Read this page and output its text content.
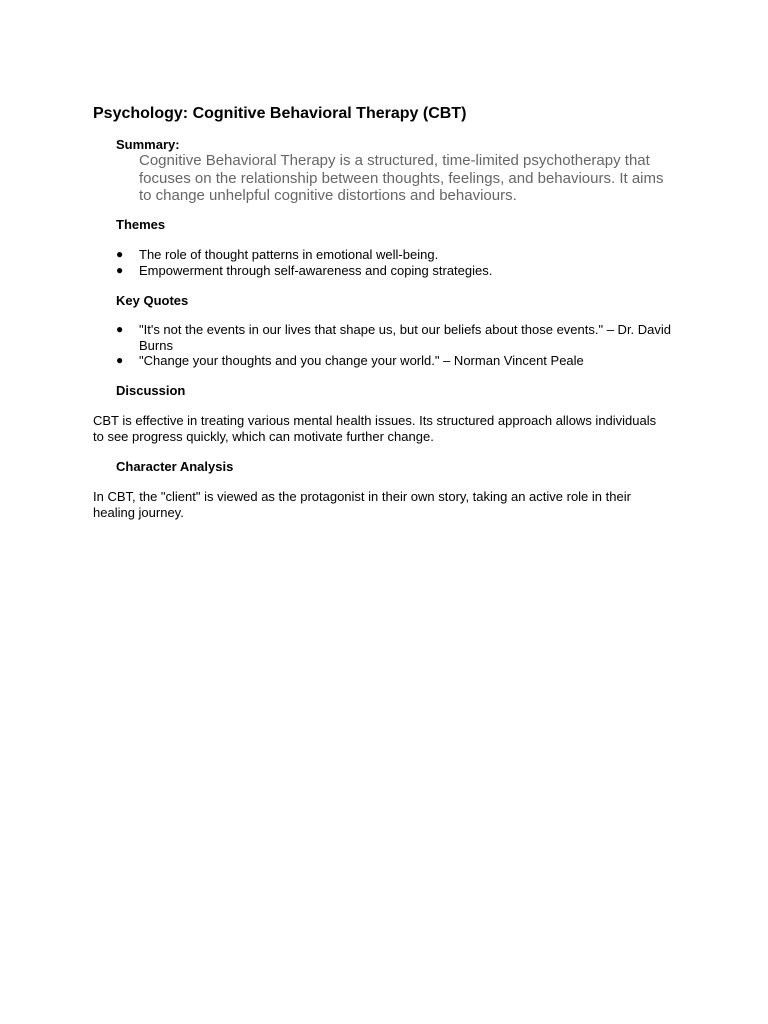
Psychology: Cognitive Behavioral Therapy (CBT)
Summary:

Cognitive Behavioral Therapy is a structured, time-limited psychotherapy that focuses on the relationship between thoughts, feelings, and behaviours. It aims to change unhelpful cognitive distortions and behaviours.

Themes
● The role of thought patterns in emotional well-being.
● Empowerment through self-awareness and coping strategies.
Key Quotes
● "It's not the events in our lives that shape us, but our beliefs about those events." – Dr. David Burns
● "Change your thoughts and you change your world." – Norman Vincent Peale
Discussion

CBT is effective in treating various mental health issues. Its structured approach allows individuals to see progress quickly, which can motivate further change.

Character Analysis

In CBT, the "client" is viewed as the protagonist in their own story, taking an active role in their healing journey.
